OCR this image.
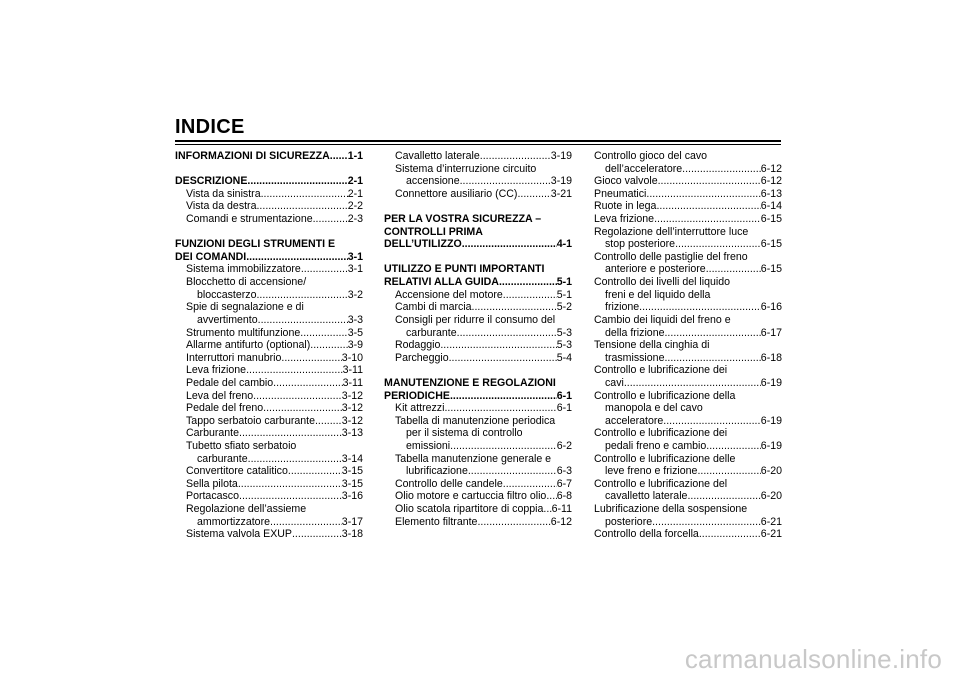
INDICE
INFORMAZIONI DI SICUREZZA ..... 1-1
DESCRIZIONE .....	2-1
Vista da sinistra .....	2-1
Vista da destra .....	2-2
Comandi e strumentazione .....	2-3
FUNZIONI DEGLI STRUMENTI E
DEI COMANDI .....	3-1
Sistema immobilizzatore .....	3-1
Blocchetto di accensione/
bloccasterzo .....	3-2
Spie di segnalazione e di
avvertimento .....	3-3
Strumento multifunzione .....	3-5
Allarme antifurto (optional) .....	3-9
Interruttori manubrio .....	3-10
Leva frizione .....	3-11
Pedale del cambio .....	3-11
Leva del freno .....	3-12
Pedale del freno .....	3-12
Tappo serbatoio carburante .....	3-12
Carburante .....	3-13
Tubetto sfiato serbatoio
carburante .....	3-14
Convertitore catalitico .....	3-15
Sella pilota .....	3-15
Portacasco .....	3-16
Regolazione dell’assieme
ammortizzatore .....	3-17
Sistema valvola EXUP .....	3-18
Cavalletto laterale .....	3-19
Sistema d’interruzione circuito
accensione .....	3-19
Connettore ausiliario (CC) .....	3-21
PER LA VOSTRA SICUREZZA –
CONTROLLI PRIMA
DELL’UTILIZZO .....	4-1
UTILIZZO E PUNTI IMPORTANTI
RELATIVI ALLA GUIDA .....	5-1
Accensione del motore .....	5-1
Cambi di marcia .....	5-2
Consigli per ridurre il consumo del
carburante .....	5-3
Rodaggio .....	5-3
Parcheggio .....	5-4
MANUTENZIONE E REGOLAZIONI
PERIODICHE .....	6-1
Kit attrezzi .....	6-1
Tabella di manutenzione periodica
per il sistema di controllo
emissioni .....	6-2
Tabella manutenzione generale e
lubrificazione .....	6-3
Controllo delle candele .....	6-7
Olio motore e cartuccia filtro olio ..... 6-8
Olio scatola ripartitore di coppia ..... 6-11
Elemento filtrante .....	6-12
Controllo gioco del cavo
dell’acceleratore .....	6-12
Gioco valvole .....	6-12
Pneumatici .....	6-13
Ruote in lega .....	6-14
Leva frizione .....	6-15
Regolazione dell’interruttore luce
stop posteriore .....	6-15
Controllo delle pastiglie del freno
anteriore e posteriore .....	6-15
Controllo dei livelli del liquido
freni e del liquido della
frizione .....	6-16
Cambio dei liquidi del freno e
della frizione .....	6-17
Tensione della cinghia di
trasmissione .....	6-18
Controllo e lubrificazione dei
cavi .....	6-19
Controllo e lubrificazione della
manopola e del cavo
acceleratore .....	6-19
Controllo e lubrificazione dei
pedali freno e cambio .....	6-19
Controllo e lubrificazione delle
leve freno e frizione .....	6-20
Controllo e lubrificazione del
cavalletto laterale .....	6-20
Lubrificazione della sospensione
posteriore .....	6-21
Controllo della forcella .....	6-21
carmanualsonline.info
